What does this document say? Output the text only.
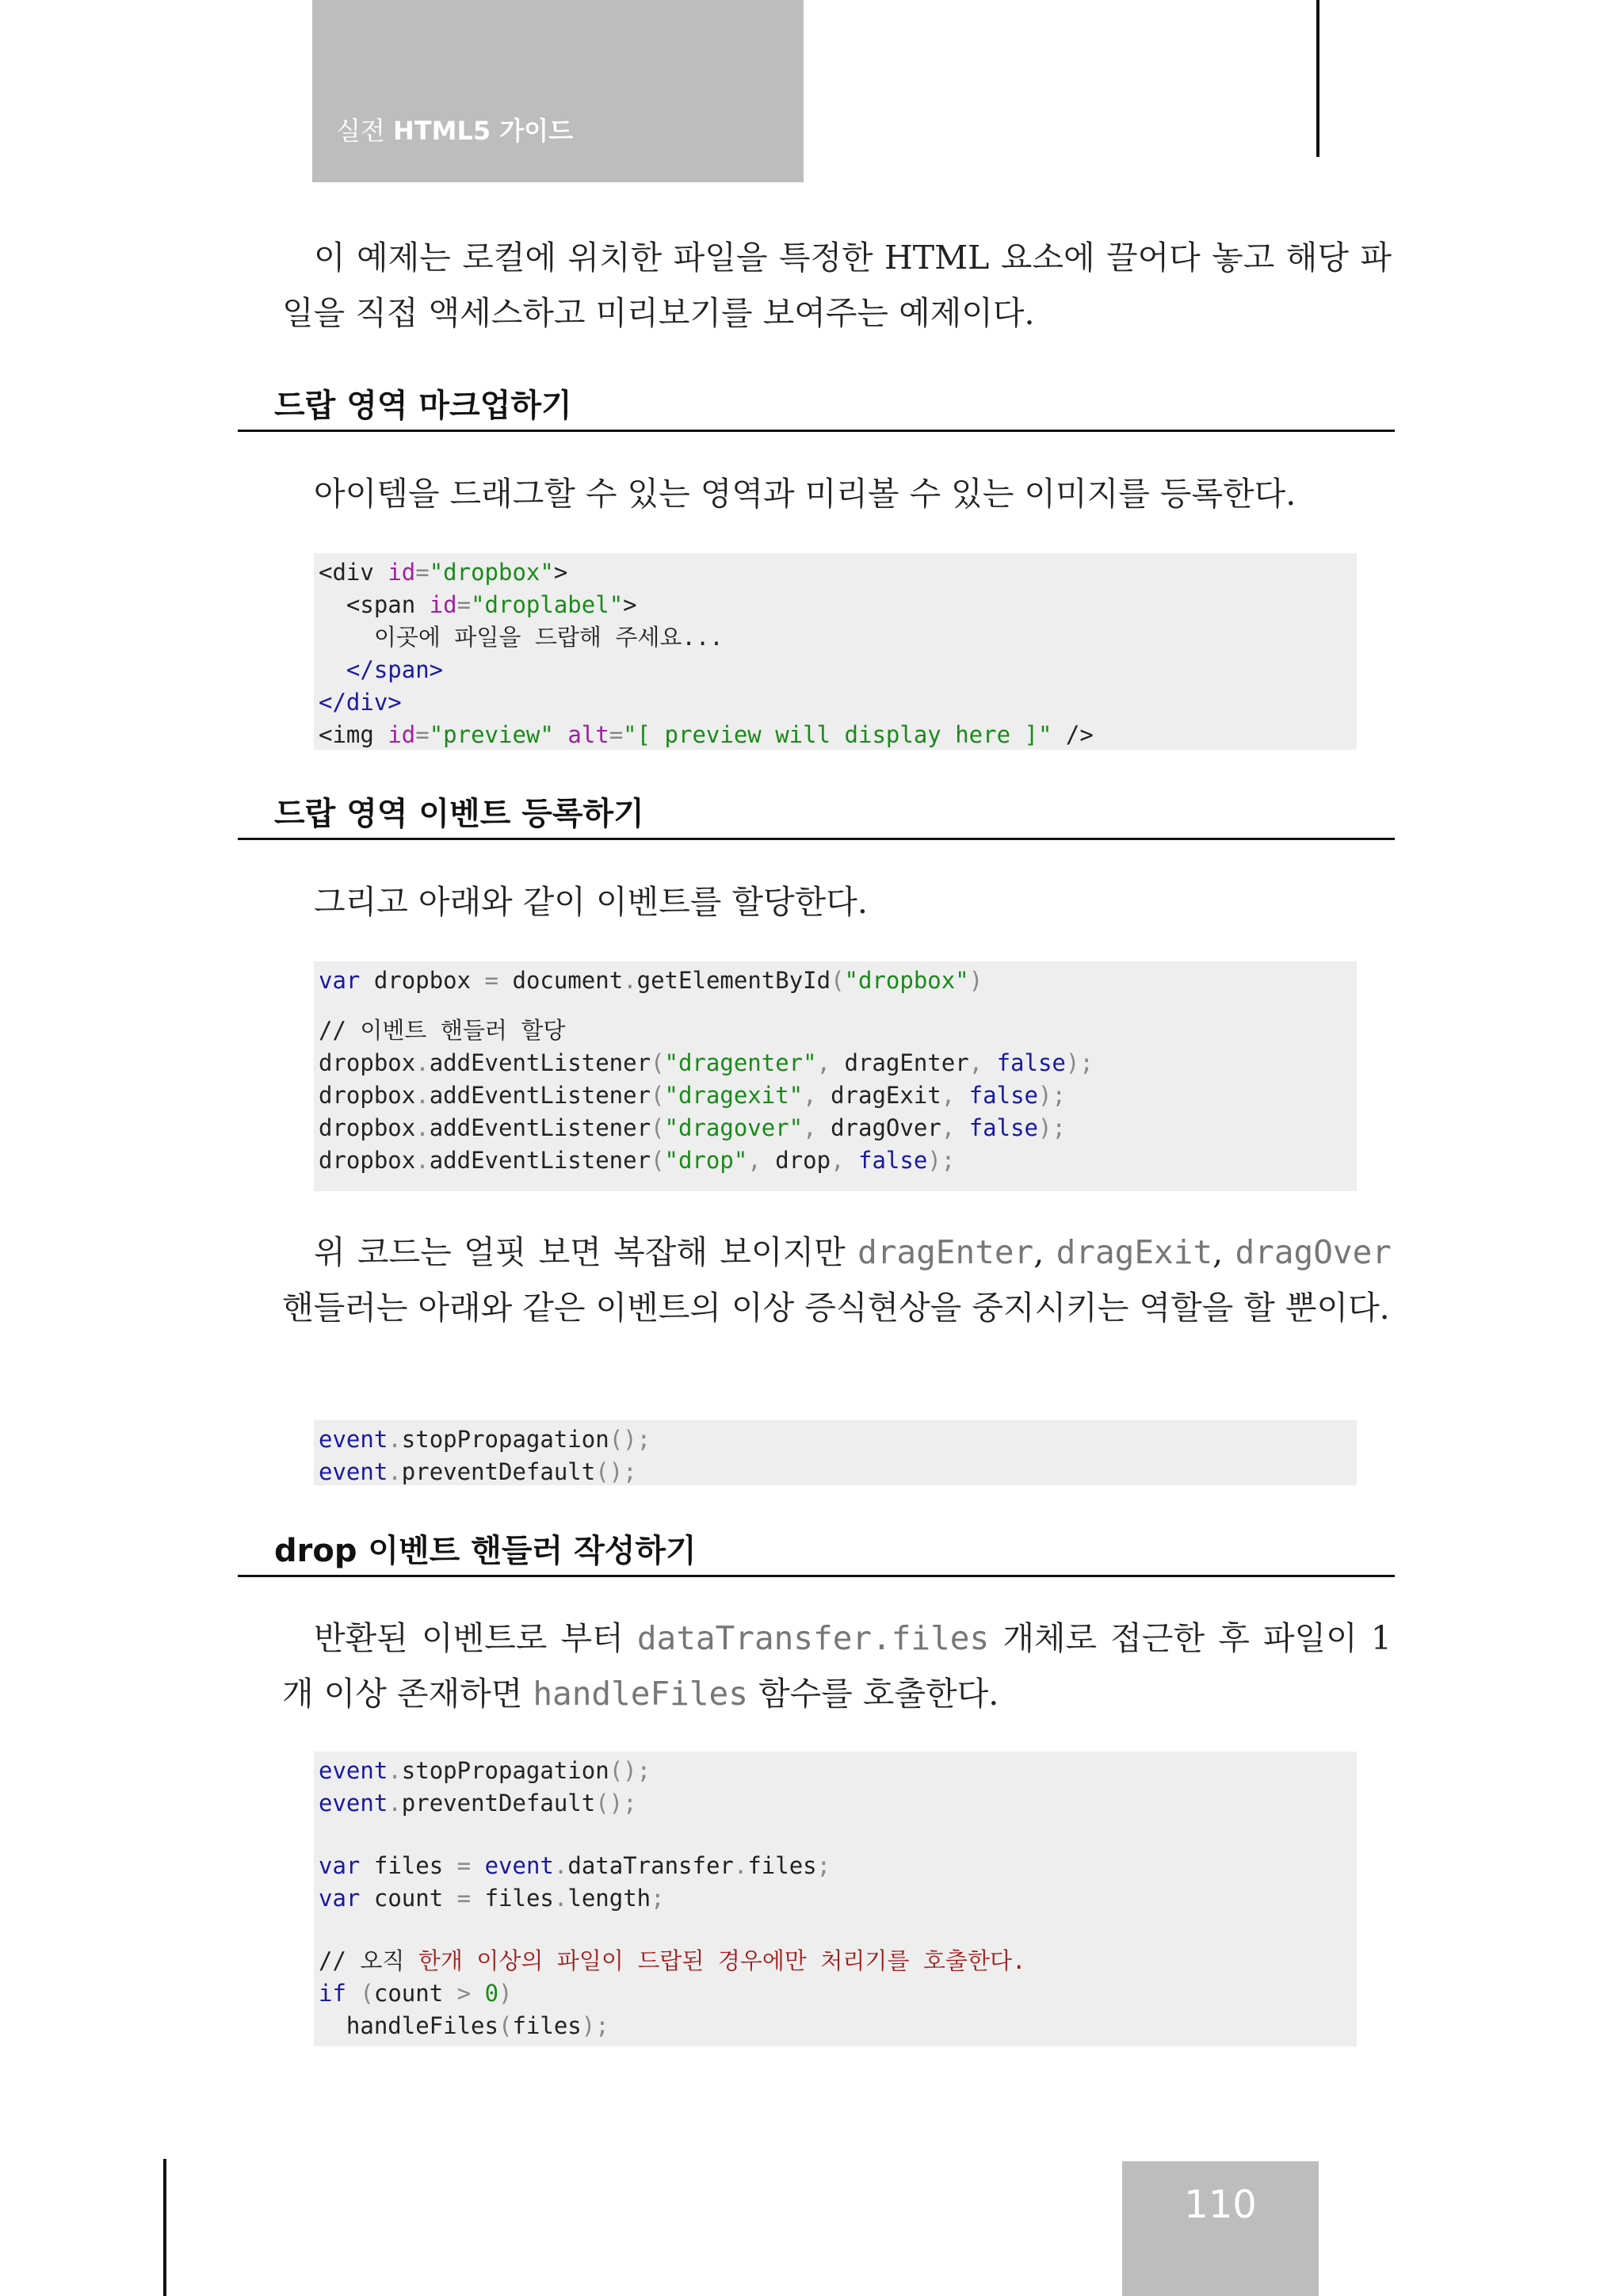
실전 HTML5 가이드
이 예제는 로컬에 위치한 파일을 특정한 HTML 요소에 끌어다 놓고 해당 파일을 직접 액세스하고 미리보기를 보여주는 예제이다.
드랍 영역 마크업하기
아이템을 드래그할 수 있는 영역과 미리볼 수 있는 이미지를 등록한다.
<div id="dropbox">
<span id="droplabel">
이곳에 파일을 드랍해 주세요...
</span>
</div>
<img id="preview" alt="[ preview will display here ]" />
드랍 영역 이벤트 등록하기
그리고 아래와 같이 이벤트를 할당한다.
var dropbox = document.getElementById("dropbox")
// 이벤트 핸들러 할당
dropbox.addEventListener("dragenter", dragEnter, false);
dropbox.addEventListener("dragexit", dragExit, false);
dropbox.addEventListener("dragover", dragOver, false);
dropbox.addEventListener("drop", drop, false);
위 코드는 얼핏 보면 복잡해 보이지만 dragEnter, dragExit, dragOver 핸들러는 아래와 같은 이벤트의 이상 증식현상을 중지시키는 역할을 할 뿐이다.
event.stopPropagation();
event.preventDefault();
drop 이벤트 핸들러 작성하기
반환된 이벤트로 부터 dataTransfer.files 개체로 접근한 후 파일이 1개 이상 존재하면 handleFiles 함수를 호출한다.
event.stopPropagation();
event.preventDefault();
var files = event.dataTransfer.files;
var count = files.length;
// 오직 한개 이상의 파일이 드랍된 경우에만 처리기를 호출한다.
if (count > 0)
handleFiles(files);
110
